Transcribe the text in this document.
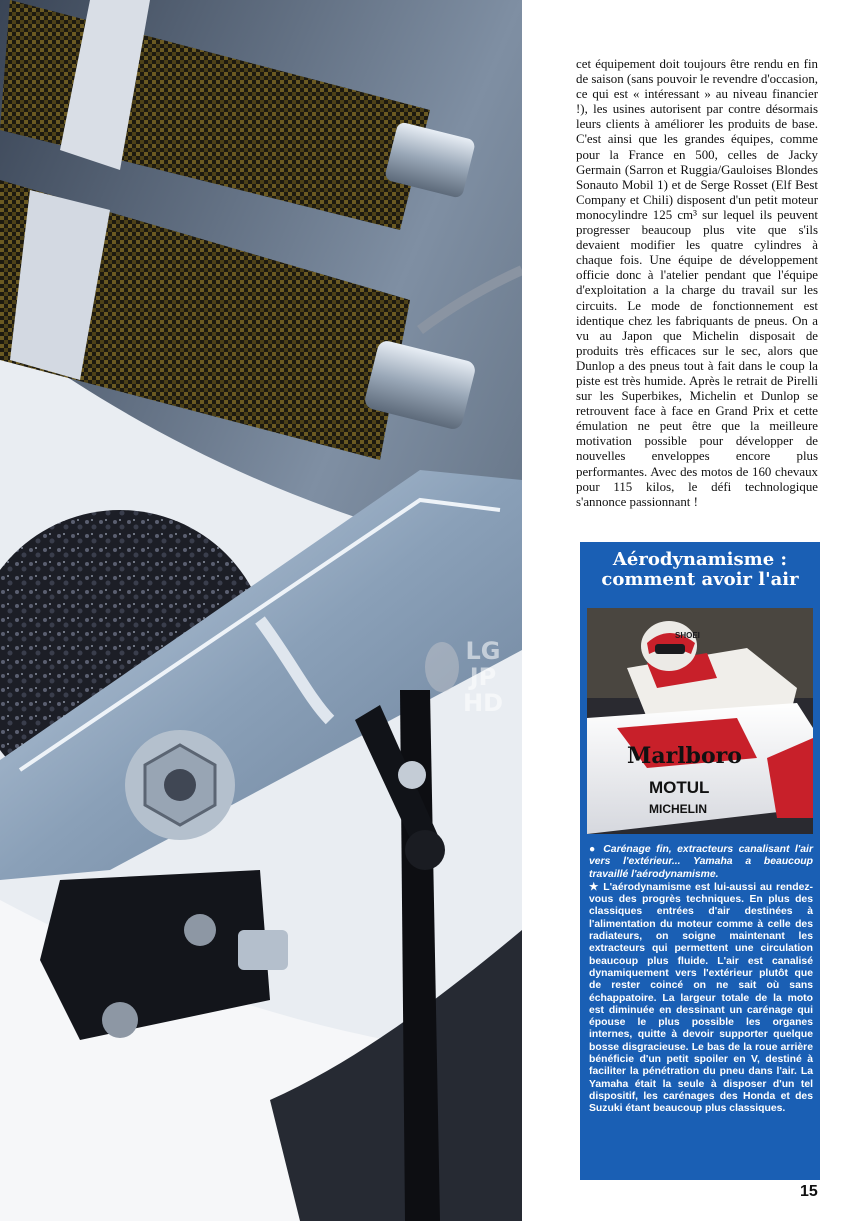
LG
JP
HD
cet équipement doit toujours être rendu en fin de saison (sans pouvoir le revendre d'occasion, ce qui est « intéressant » au niveau financier !), les usines autorisent par contre désormais leurs clients à améliorer les produits de base. C'est ainsi que les grandes équipes, comme pour la France en 500, celles de Jacky Germain (Sarron et Ruggia/Gauloises Blondes Sonauto Mobil 1) et de Serge Rosset (Elf Best Company et Chili) disposent d'un petit moteur monocylindre 125 cm³ sur lequel ils peuvent progresser beaucoup plus vite que s'ils devaient modifier les quatre cylindres à chaque fois. Une équipe de développement officie donc à l'atelier pendant que l'équipe d'exploitation a la charge du travail sur les circuits. Le mode de fonctionnement est identique chez les fabriquants de pneus. On a vu au Japon que Michelin disposait de produits très efficaces sur le sec, alors que Dunlop a des pneus tout à fait dans le coup la piste est très humide. Après le retrait de Pirelli sur les Superbikes, Michelin et Dunlop se retrouvent face à face en Grand Prix et cette émulation ne peut être que la meilleure motivation possible pour développer de nouvelles enveloppes encore plus performantes. Avec des motos de 160 chevaux pour 115 kilos, le défi technologique s'annonce passionnant !
Aérodynamisme :
comment avoir l'air
SHOEI
Marlboro
MOTUL
MICHELIN
● Carénage fin, extracteurs canalisant l'air vers l'extérieur... Yamaha a beaucoup travaillé l'aérodynamisme.
★ L'aérodynamisme est lui-aussi au rendez-vous des progrès techniques. En plus des classiques entrées d'air destinées à l'alimentation du moteur comme à celle des radiateurs, on soigne maintenant les extracteurs qui permettent une circulation beaucoup plus fluide. L'air est canalisé dynamiquement vers l'extérieur plutôt que de rester coincé on ne sait où sans échappatoire. La largeur totale de la moto est diminuée en dessinant un carénage qui épouse le plus possible les organes internes, quitte à devoir supporter quelque bosse disgracieuse. Le bas de la roue arrière bénéficie d'un petit spoiler en V, destiné à faciliter la pénétration du pneu dans l'air. La Yamaha était la seule à disposer d'un tel dispositif, les carénages des Honda et des Suzuki étant beaucoup plus classiques.
15
